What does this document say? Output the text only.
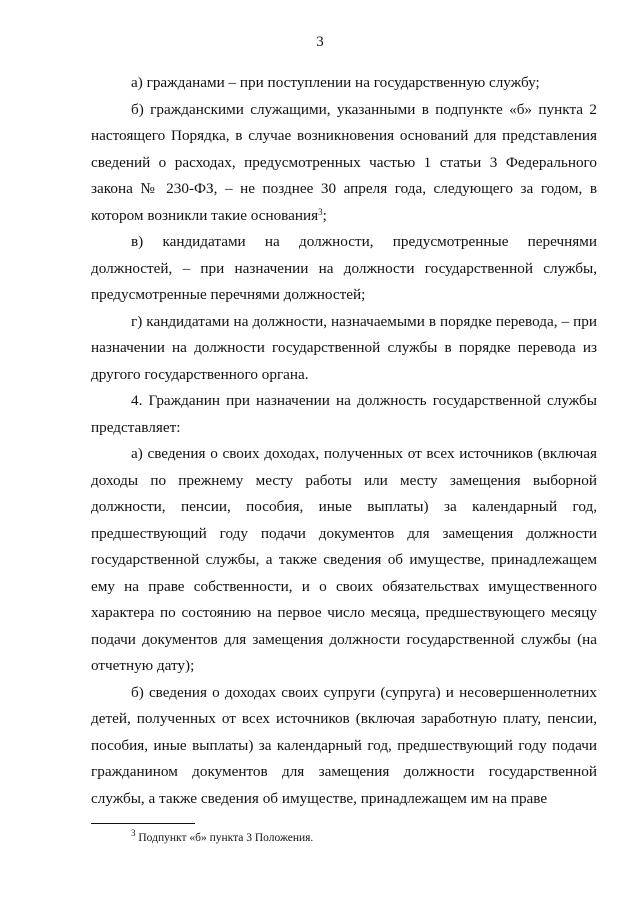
3

а) гражданами – при поступлении на государственную службу;

б) гражданскими служащими, указанными в подпункте «б» пункта 2 настоящего Порядка, в случае возникновения оснований для представления сведений о расходах, предусмотренных частью 1 статьи 3 Федерального закона № 230-ФЗ, – не позднее 30 апреля года, следующего за годом, в котором возникли такие основания$^3$;

в) кандидатами на должности, предусмотренные перечнями должностей, – при назначении на должности государственной службы, предусмотренные перечнями должностей;

г) кандидатами на должности, назначаемыми в порядке перевода, – при назначении на должности государственной службы в порядке перевода из другого государственного органа.

4. Гражданин при назначении на должность государственной службы представляет:

а) сведения о своих доходах, полученных от всех источников (включая доходы по прежнему месту работы или месту замещения выборной должности, пенсии, пособия, иные выплаты) за календарный год, предшествующий году подачи документов для замещения должности государственной службы, а также сведения об имуществе, принадлежащем ему на праве собственности, и о своих обязательствах имущественного характера по состоянию на первое число месяца, предшествующего месяцу подачи документов для замещения должности государственной службы (на отчетную дату);

б) сведения о доходах своих супруги (супруга) и несовершеннолетних детей, полученных от всех источников (включая заработную плату, пенсии, пособия, иные выплаты) за календарный год, предшествующий году подачи гражданином документов для замещения должности государственной службы, а также сведения об имуществе, принадлежащем им на праве

$^3$ Подпункт «б» пункта 3 Положения.
